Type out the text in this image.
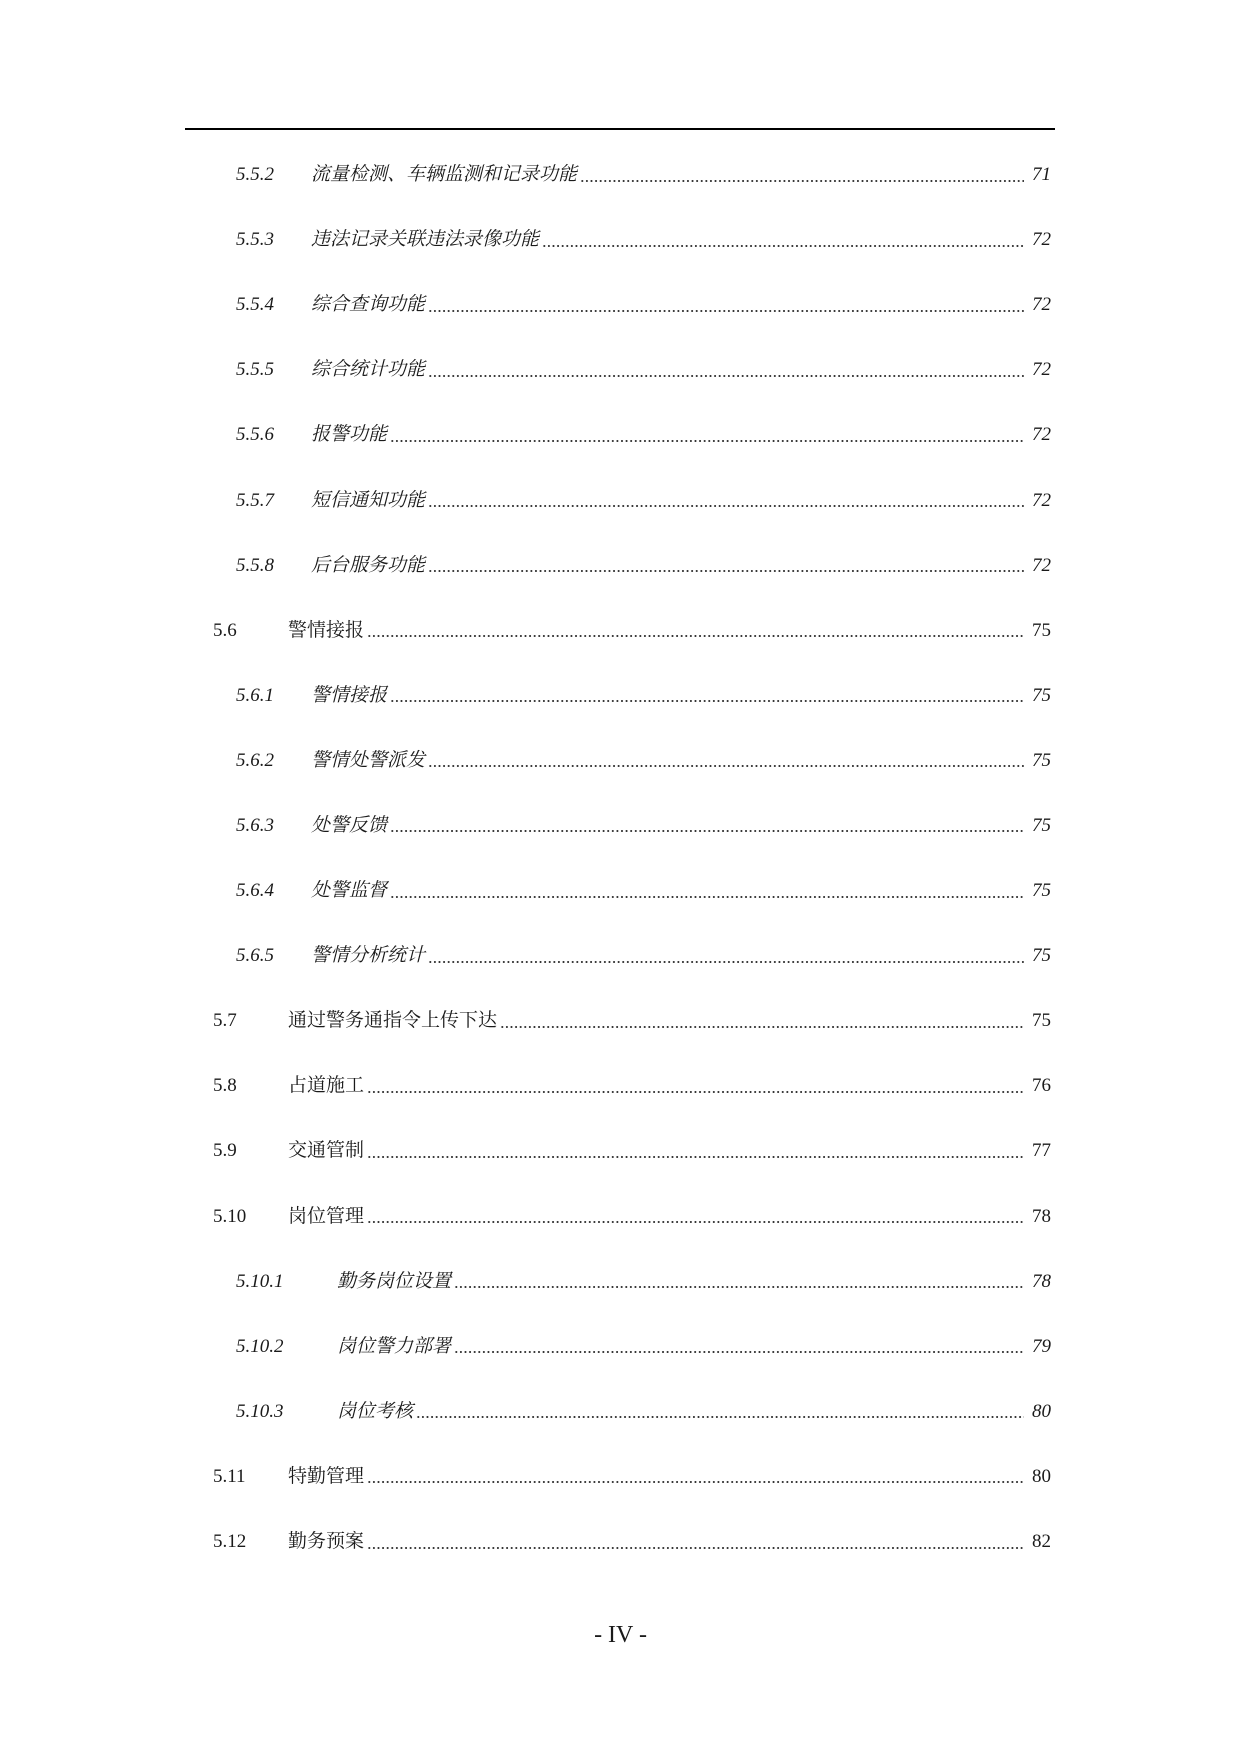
5.5.2	流量检测、车辆监测和记录功能	71
5.5.3	违法记录关联违法录像功能	72
5.5.4	综合查询功能	72
5.5.5	综合统计功能	72
5.5.6	报警功能	72
5.5.7	短信通知功能	72
5.5.8	后台服务功能	72
5.6	警情接报	75
5.6.1	警情接报	75
5.6.2	警情处警派发	75
5.6.3	处警反馈	75
5.6.4	处警监督	75
5.6.5	警情分析统计	75
5.7	通过警务通指令上传下达	75
5.8	占道施工	76
5.9	交通管制	77
5.10	岗位管理	78
5.10.1	勤务岗位设置	78
5.10.2	岗位警力部署	79
5.10.3	岗位考核	80
5.11	特勤管理	80
5.12	勤务预案	82
- IV -
